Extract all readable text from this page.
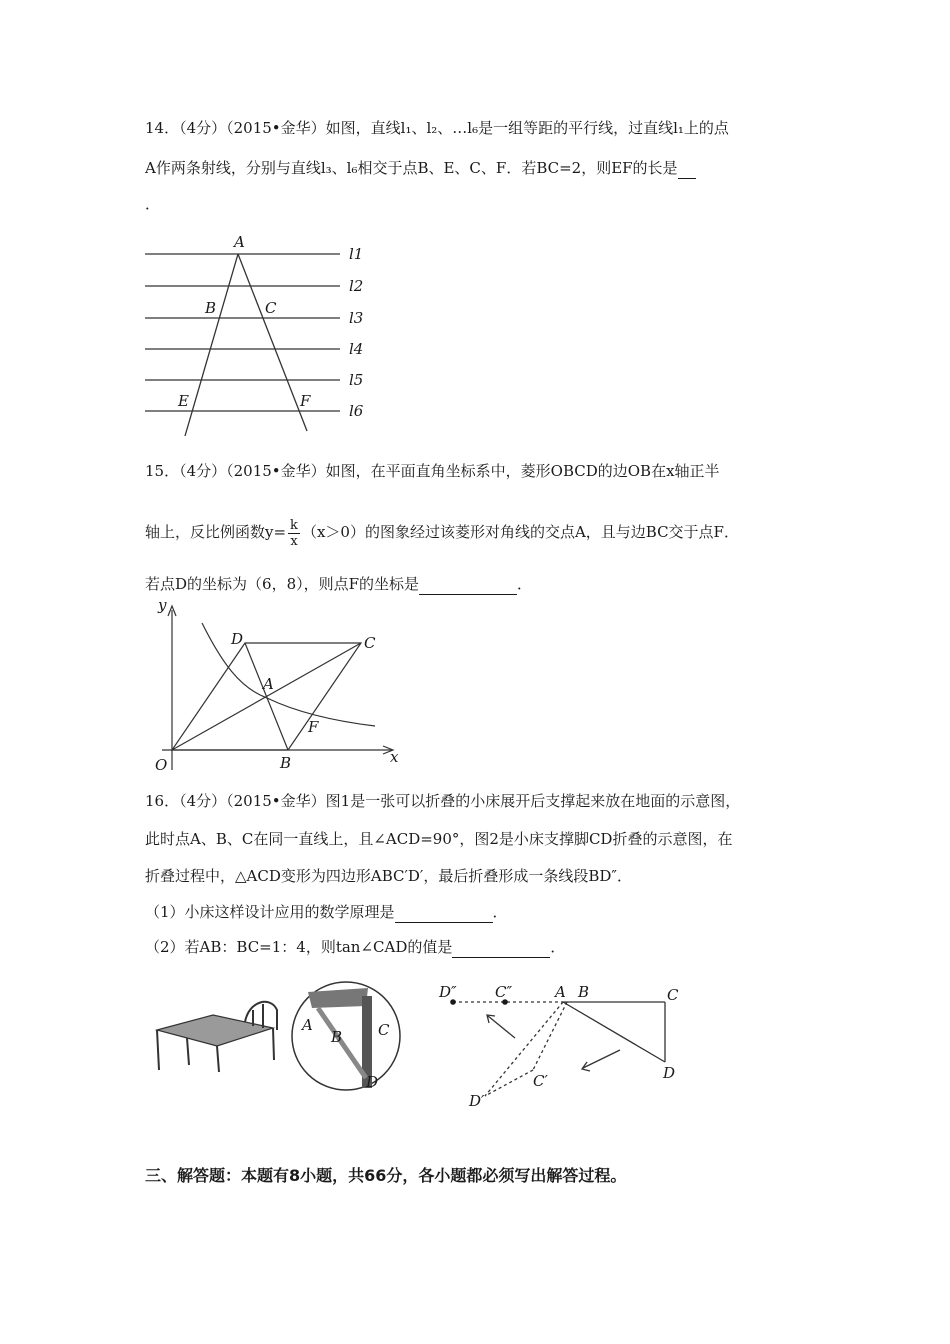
14．（4分）（2015•金华）如图，直线l₁、l₂、…l₆是一组等距的平行线，过直线l₁上的点
A作两条射线，分别与直线l₃、l₆相交于点B、E、C、F．若BC=2，则EF的长是
．
A
B	C
E	F
l1
l2
l3
l4
l5
l6
15．（4分）（2015•金华）如图，在平面直角坐标系中，菱形OBCD的边OB在x轴正半
轴上，反比例函数$y= \frac{k}{x} (x>0)$的图象经过该菱形对角线的交点A，且与边BC交于点F．
若点D的坐标为（6，8），则点F的坐标是	．
y
x
O	B
C
D
A
F
16．（4分）（2015•金华）图1是一张可以折叠的小床展开后支撑起来放在地面的示意图，
此时点A、B、C在同一直线上，且∠ACD=90°，图2是小床支撑脚CD折叠的示意图，在
折叠过程中，△ACD变形为四边形ABC′D′，最后折叠形成一条线段BD″．
（1）小床这样设计应用的数学原理是	．
（2）若AB：BC=1：4，则tan∠CAD的值是	．
A
B C
D
D″	C″	A B	C
D
C′
D′
三、解答题：本题有8小题，共66分，各小题都必须写出解答过程。
